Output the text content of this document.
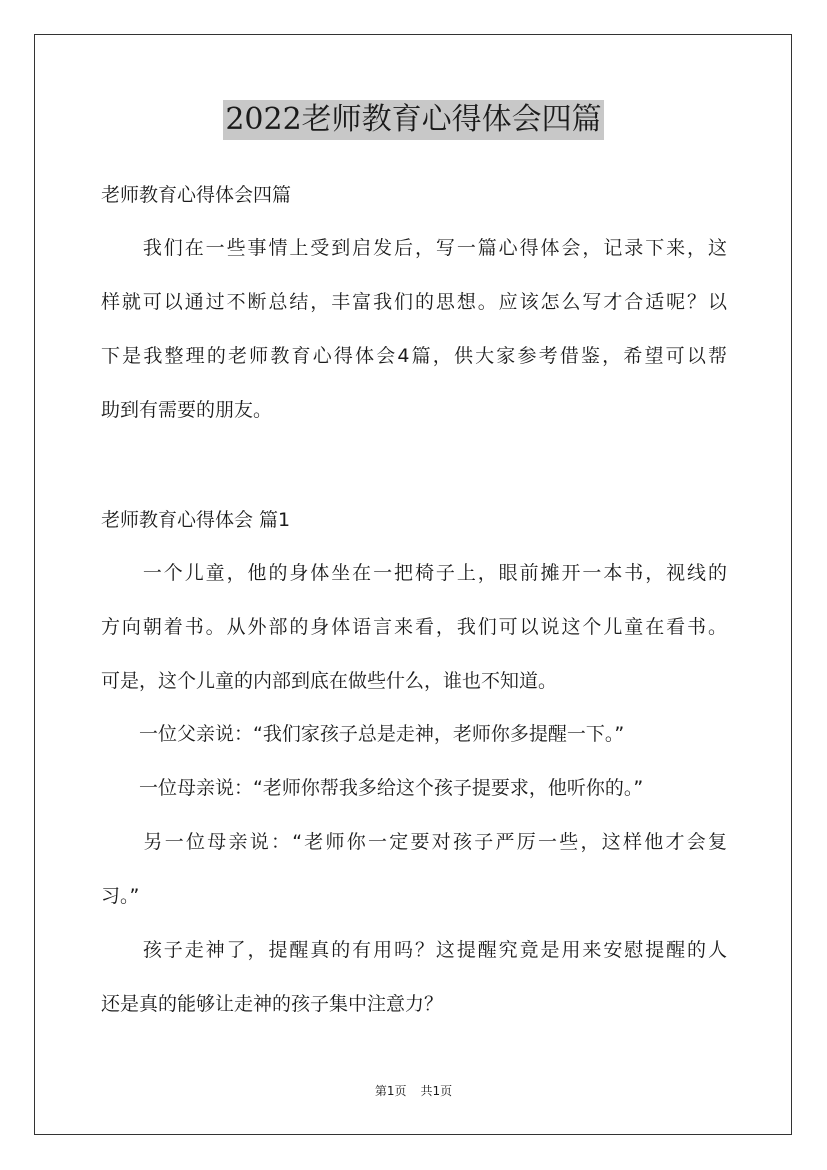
2022老师教育心得体会四篇
老师教育心得体会四篇
　　我们在一些事情上受到启发后，写一篇心得体会，记录下来，这
样就可以通过不断总结，丰富我们的思想。应该怎么写才合适呢？以
下是我整理的老师教育心得体会4篇，供大家参考借鉴，希望可以帮
助到有需要的朋友。
老师教育心得体会 篇1
　　一个儿童，他的身体坐在一把椅子上，眼前摊开一本书，视线的
方向朝着书。从外部的身体语言来看，我们可以说这个儿童在看书。
可是，这个儿童的内部到底在做些什么，谁也不知道。
　　一位父亲说：“我们家孩子总是走神，老师你多提醒一下。”
　　一位母亲说：“老师你帮我多给这个孩子提要求，他听你的。”
　　另一位母亲说：“老师你一定要对孩子严厉一些，这样他才会复
习。”
　　孩子走神了，提醒真的有用吗？这提醒究竟是用来安慰提醒的人
还是真的能够让走神的孩子集中注意力？
第1页 共1页
